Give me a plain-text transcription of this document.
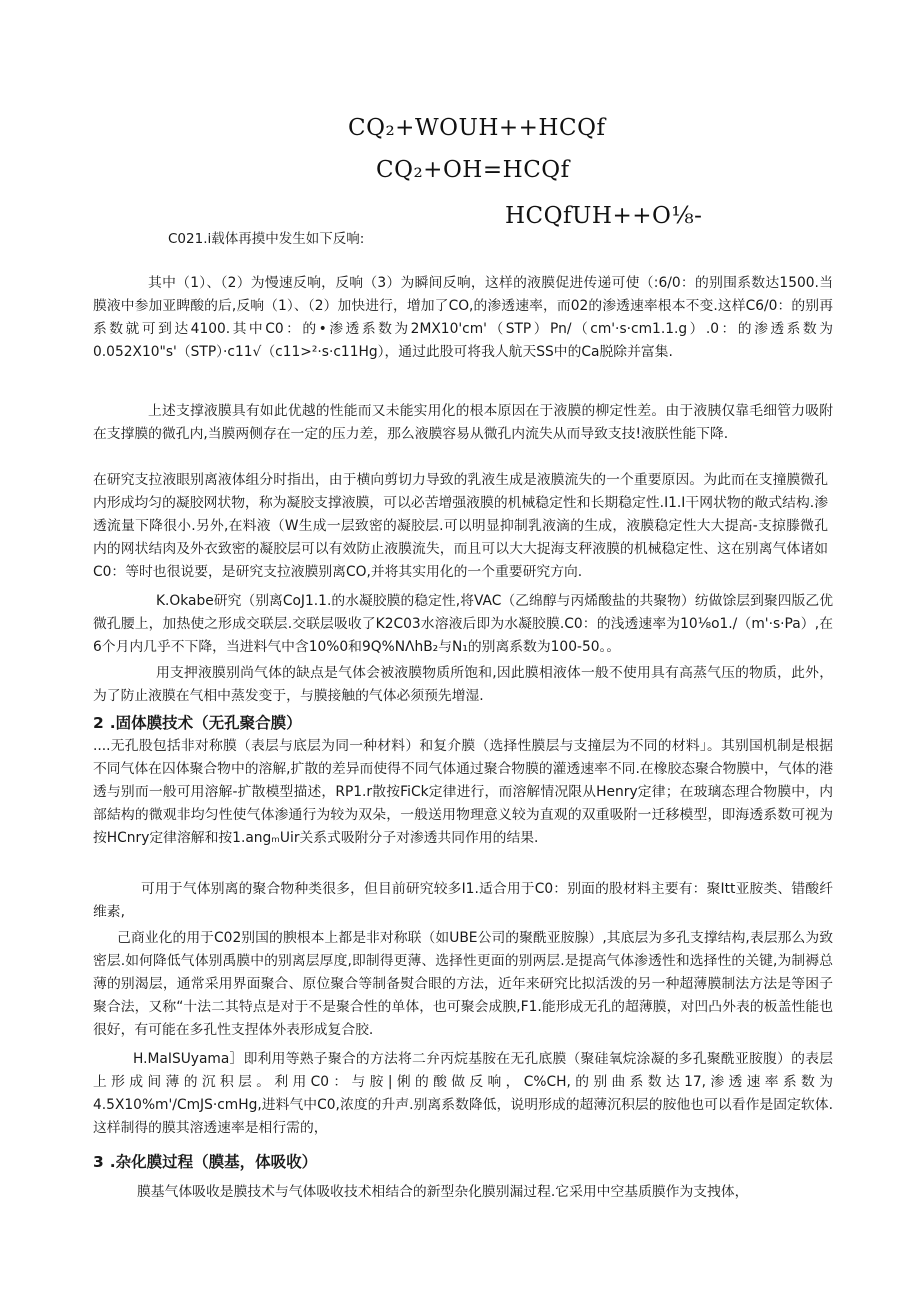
CQ₂+WOUH++HCQf
CQ₂+OH=HCQf
C021.i载体再摸中发生如下反响:
HCQfUH++O⅛-

其中（1）、（2）为慢速反响，反响（3）为瞬间反响，这样的液膜促进传递可使（:6/0：的别围系数达1500.当膜液中参加亚睥酸的后,反响（1）、（2）加快进行，增加了CO,的渗透速率，而02的渗透速率根本不变.这样C6/0：的别再系数就可到达4100.其中C0：的•渗透系数为2MX10'cm'（STP）Pn/（cm'·s·cm1.1.g）.0：的渗透系数为0.052X10"s'（STP）·c11√（c11>²·s·c11Hg），通过此股可将我人航天SS中的Ca脱除并富集.

上述支撑液膜具有如此优越的性能而又未能实用化的根本原因在于液膜的柳定性差。由于液胰仅靠毛细管力吸附在支撑膜的微孔内,当膜两侧存在一定的压力差，那么液膜容易从微孔内流失从而导致支技!液朕性能下降.

在研究支拉液眼别离液体组分时指出，由于横向剪切力导致的乳液生成是液膜流失的一个重要原因。为此而在支撞膜微孔内形成均匀的凝胶网状物，称为凝胶支撑液膜，可以必苦增强液膜的机械稳定性和长期稳定性.I1.I干网状物的敞式结构.渗透流量下降很小.另外,在料液（W生成一层致密的凝胶层.可以明显抑制乳液滴的生成，液膜稳定性大大提高-支掠滕微孔内的网状结肉及外衣致密的凝胶层可以有效防止液膜流失，而且可以大大捉海支秤液膜的机械稳定性、这在别离气体诸如C0：等时也很说要，是研究支拉液膜别离CO,并将其实用化的一个重要研究方向.

K.Okabe研究（别离CoJ1.1.的水凝胶膜的稳定性,将VAC（乙绵醇与丙烯酸盐的共聚物）纺做馀层到聚四版乙优微孔腰上，加热使之形成交联层.交联层吸收了K2C03水溶液后即为水凝胶膜.C0：的浅透速率为10⅛o1./（m'·s·Pa）,在6个月内几乎不下降，当进料气中含10%0和9Q%NΛhB₂与N₁的别离系数为100-50。。

用支押液膜别尚气体的缺点是气体会被液膜物质所饱和,因此膜相液体一般不使用具有高蒸气压的物质，此外，为了防止液膜在气相中蒸发变于，与膜接触的气体必须预先增湿.

2 .固体膜技术（无孔聚合膜）

....无孔股包括非对称膜（表层与底层为同一种材料）和复介膜（选择性膜层与支撞层为不同的材料」。其别国机制是根据不同气体在囚体聚合物中的溶解,扩散的差异而使得不同气体通过聚合物膜的灌透速率不同.在橡胶态聚合物膜中，气体的港透与别而一般可用溶解-扩散模型描述，RP1.r散按FiCk定律进行，而溶解情况限从Henry定律；在玻璃态理合物膜中，内部結构的微观非均匀性使气体渗通行为较为双朵，一般送用物理意义较为直观的双重吸附一迁移模型，即海透系数可视为按HCnry定律溶解和按1.angₘUir关系式吸附分子对渗透共同作用的结果.

可用于气体别离的聚合物种类很多，但目前研究较多I1.适合用于C0：别面的股材料主要有：聚Itt亚胺类、错酸纤维素,

己商业化的用于C02别国的腴根本上都是非对称联（如UBE公司的聚酰亚胺腺）,其底层为多孔支撑结构,表层那么为致密层.如何降低气体别禹膜中的别离层厚度,即制得更薄、选择性更面的别两层.是提高气体渗透性和选择性的关键,为制褥总薄的别渴层，通常采用界面聚合、原位聚合等制备熨合眼的方法，近年来研究比拟活泼的另一种超薄膜制法方法是等困子聚合法，又称“十法二其特点是对于不是聚合性的单体，也可聚会成腴,F1.能形成无孔的超薄膜，对凹凸外表的板盖性能也很好，有可能在多孔性支捏体外表形成复合胶.

H.MaISUyama］即利用等熟子聚合的方法将二弁丙烷基胺在无孔底膜（聚硅氧烷涂凝的多孔聚酰亚胺腹）的表层上形成间薄的沉积层。利用C0：与胺|俐的酸做反响，C%CH,的别曲系数达17,渗透速率系数为4.5X10%m'/CmJS·cmHg,进料气中C0,浓度的升声.别离系数降低，说明形成的超薄沉积层的胺他也可以看作是固定软体.这样制得的膜其溶透速率是相行需的，

3 .杂化膜过程（膜基，体吸收）

膜基气体吸收是膜技术与气体吸收技术相结合的新型杂化膜别漏过程.它采用中空基质膜作为支拽体，
